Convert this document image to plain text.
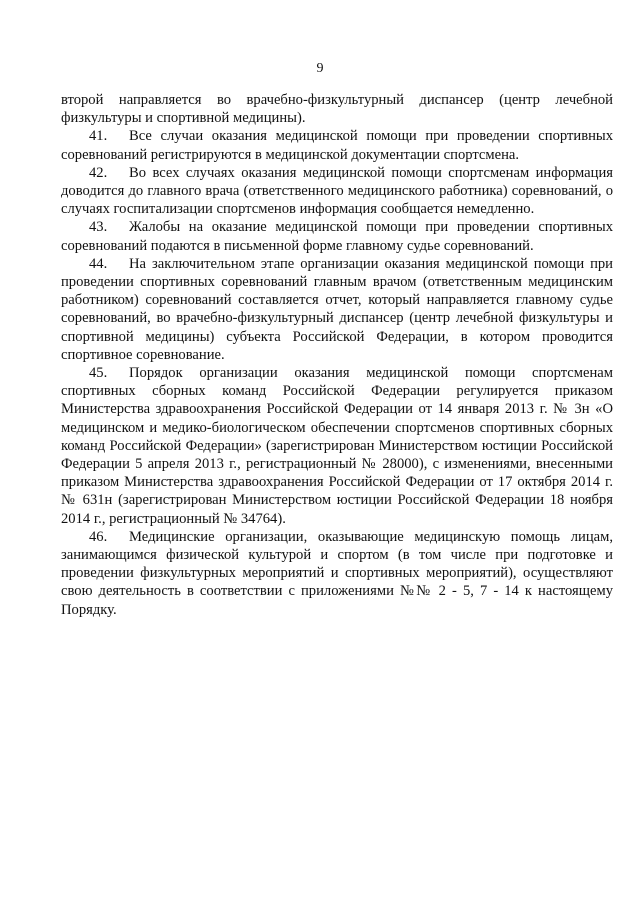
9

второй направляется во врачебно-физкультурный диспансер (центр лечебной физкультуры и спортивной медицины).

41. Все случаи оказания медицинской помощи при проведении спортивных соревнований регистрируются в медицинской документации спортсмена.

42. Во всех случаях оказания медицинской помощи спортсменам информация доводится до главного врача (ответственного медицинского работника) соревнований, о случаях госпитализации спортсменов информация сообщается немедленно.

43. Жалобы на оказание медицинской помощи при проведении спортивных соревнований подаются в письменной форме главному судье соревнований.

44. На заключительном этапе организации оказания медицинской помощи при проведении спортивных соревнований главным врачом (ответственным медицинским работником) соревнований составляется отчет, который направляется главному судье соревнований, во врачебно-физкультурный диспансер (центр лечебной физкультуры и спортивной медицины) субъекта Российской Федерации, в котором проводится спортивное соревнование.

45. Порядок организации оказания медицинской помощи спортсменам спортивных сборных команд Российской Федерации регулируется приказом Министерства здравоохранения Российской Федерации от 14 января 2013 г. № 3н «О медицинском и медико-биологическом обеспечении спортсменов спортивных сборных команд Российской Федерации» (зарегистрирован Министерством юстиции Российской Федерации 5 апреля 2013 г., регистрационный № 28000), с изменениями, внесенными приказом Министерства здравоохранения Российской Федерации от 17 октября 2014 г. № 631н (зарегистрирован Министерством юстиции Российской Федерации 18 ноября 2014 г., регистрационный № 34764).

46. Медицинские организации, оказывающие медицинскую помощь лицам, занимающимся физической культурой и спортом (в том числе при подготовке и проведении физкультурных мероприятий и спортивных мероприятий), осуществляют свою деятельность в соответствии с приложениями №№ 2 - 5, 7 - 14 к настоящему Порядку.
